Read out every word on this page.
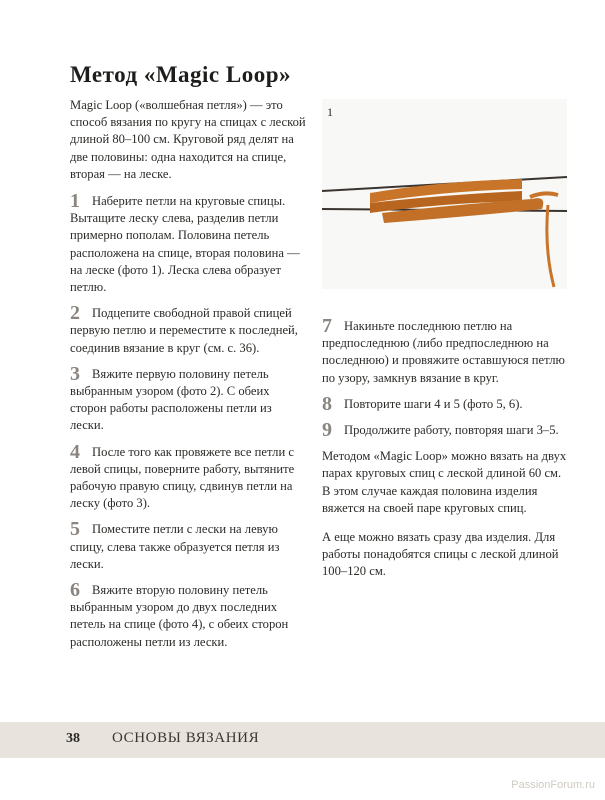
Метод «Magic Loop»

Magic Loop («волшебная петля») — это способ вязания по кругу на спицах с леской длиной 80–100 см. Круговой ряд делят на две половины: одна находится на спице, вторая — на леске.

1 Наберите петли на круговые спицы. Вытащите леску слева, разделив петли примерно пополам. Половина петель расположена на спице, вторая половина — на леске (фото 1). Леска слева образует петлю.
2 Подцепите свободной правой спицей первую петлю и переместите к последней, соединив вязание в круг (см. с. 36).
3 Вяжите первую половину петель выбранным узором (фото 2). С обеих сторон работы расположены петли из лески.
4 После того как провяжете все петли с левой спицы, поверните работу, вытяните рабочую правую спицу, сдвинув петли на леску (фото 3).
5 Поместите петли с лески на левую спицу, слева также образуется петля из лески.
6 Вяжите вторую половину петель выбранным узором до двух последних петель на спице (фото 4), с обеих сторон расположены петли из лески.
1
7 Накиньте последнюю петлю на предпоследнюю (либо предпоследнюю на последнюю) и провяжите оставшуюся петлю по узору, замкнув вязание в круг.
8 Повторите шаги 4 и 5 (фото 5, 6).
9 Продолжите работу, повторяя шаги 3–5.

Методом «Magic Loop» можно вязать на двух парах круговых спиц с леской длиной 60 см. В этом случае каждая половина изделия вяжется на своей паре круговых спиц.

А еще можно вязать сразу два изделия. Для работы понадобятся спицы с леской длиной 100–120 см.

38 ОСНОВЫ ВЯЗАНИЯ
PassionForum.ru
